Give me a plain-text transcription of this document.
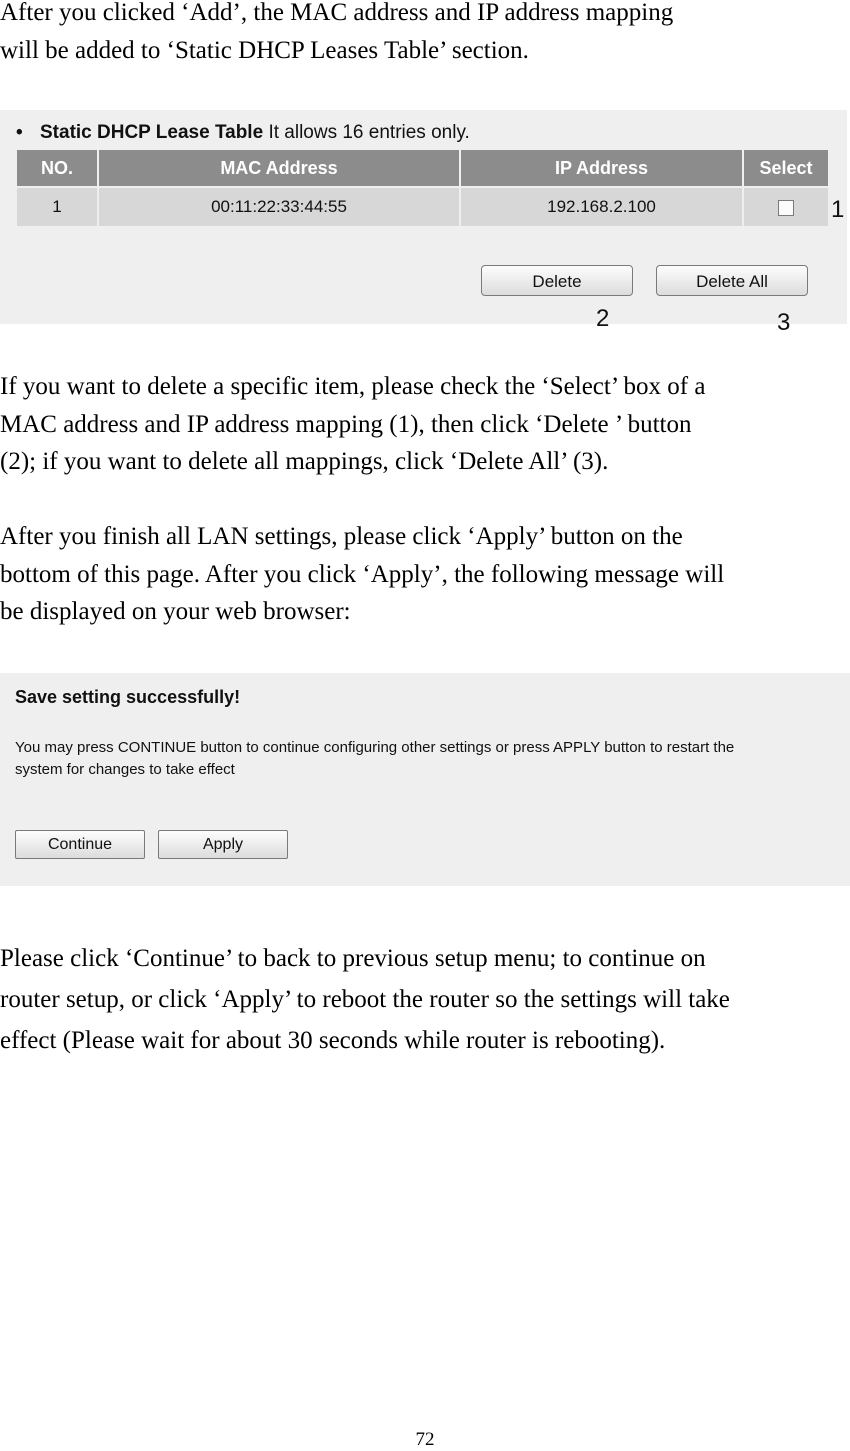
After you clicked ‘Add’, the MAC address and IP address mapping
will be added to ‘Static DHCP Leases Table’ section.

• Static DHCP Lease Table It allows 16 entries only.
NO.	MAC Address	IP Address	Select
1	00:11:22:33:44:55	192.168.2.100	
Delete	Delete All
1
2	3

If you want to delete a specific item, please check the ‘Select’ box of a
MAC address and IP address mapping (1), then click ‘Delete ’ button
(2); if you want to delete all mappings, click ‘Delete All’ (3).

After you finish all LAN settings, please click ‘Apply’ button on the
bottom of this page. After you click ‘Apply’, the following message will
be displayed on your web browser:

Save setting successfully!
You may press CONTINUE button to continue configuring other settings or press APPLY button to restart the
system for changes to take effect
Continue	Apply

Please click ‘Continue’ to back to previous setup menu; to continue on
router setup, or click ‘Apply’ to reboot the router so the settings will take
effect (Please wait for about 30 seconds while router is rebooting).

72
